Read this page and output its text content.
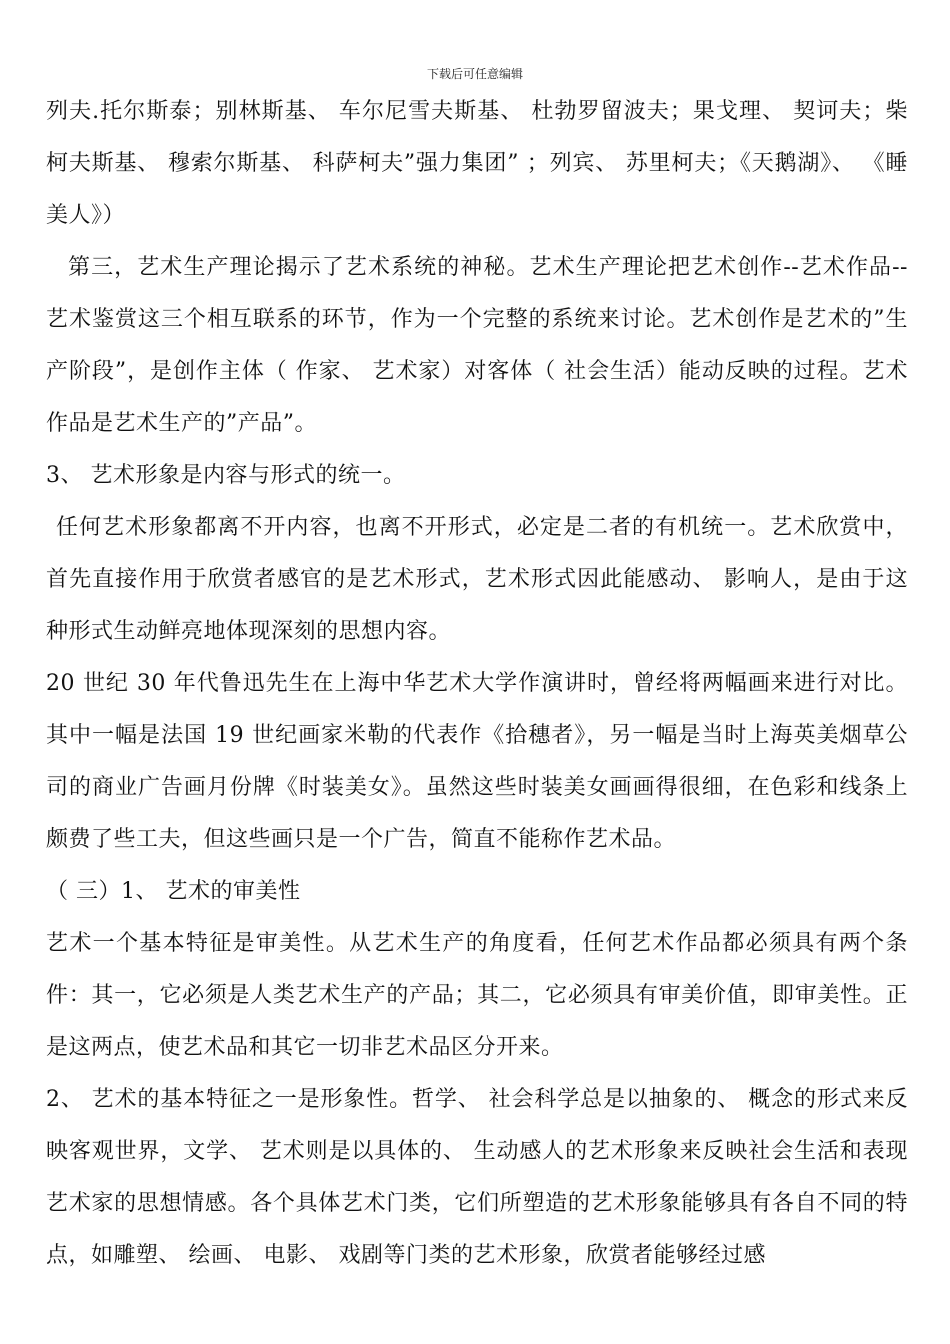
下载后可任意编辑

列夫.托尔斯泰；别林斯基、 车尔尼雪夫斯基、 杜勃罗留波夫；果戈理、 契诃夫；柴柯夫斯基、 穆索尔斯基、 科萨柯夫”强力集团” ；列宾、 苏里柯夫；《天鹅湖》、 《睡美人》）

第三，艺术生产理论揭示了艺术系统的神秘。艺术生产理论把艺术创作--艺术作品--艺术鉴赏这三个相互联系的环节，作为一个完整的系统来讨论。艺术创作是艺术的”生产阶段”，是创作主体（ 作家、 艺术家）对客体（ 社会生活）能动反映的过程。艺术作品是艺术生产的”产品”。

3、 艺术形象是内容与形式的统一。

任何艺术形象都离不开内容，也离不开形式，必定是二者的有机统一。艺术欣赏中，首先直接作用于欣赏者感官的是艺术形式，艺术形式因此能感动、 影响人，是由于这种形式生动鲜亮地体现深刻的思想内容。

20 世纪 30 年代鲁迅先生在上海中华艺术大学作演讲时，曾经将两幅画来进行对比。其中一幅是法国 19 世纪画家米勒的代表作《拾穗者》，另一幅是当时上海英美烟草公司的商业广告画月份牌《时装美女》。虽然这些时装美女画画得很细，在色彩和线条上颇费了些工夫，但这些画只是一个广告，简直不能称作艺术品。

（ 三）1、 艺术的审美性

艺术一个基本特征是审美性。从艺术生产的角度看，任何艺术作品都必须具有两个条件：其一，它必须是人类艺术生产的产品；其二，它必须具有审美价值，即审美性。正是这两点，使艺术品和其它一切非艺术品区分开来。

2、 艺术的基本特征之一是形象性。哲学、 社会科学总是以抽象的、 概念的形式来反映客观世界，文学、 艺术则是以具体的、 生动感人的艺术形象来反映社会生活和表现艺术家的思想情感。各个具体艺术门类，它们所塑造的艺术形象能够具有各自不同的特点，如雕塑、 绘画、 电影、 戏剧等门类的艺术形象，欣赏者能够经过感
